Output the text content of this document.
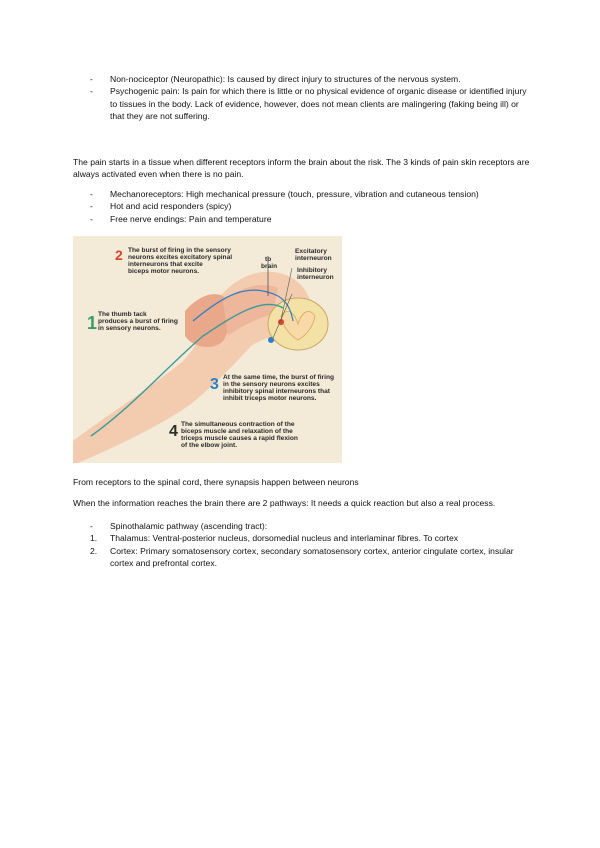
-	Non-nociceptor (Neuropathic): Is caused by direct injury to structures of the nervous system.
-	Psychogenic pain: Is pain for which there is little or no physical evidence of organic disease or identified injury to tissues in the body. Lack of evidence, however, does not mean clients are malingering (faking being ill) or that they are not suffering.

The pain starts in a tissue when different receptors inform the brain about the risk. The 3 kinds of pain skin receptors are always activated even when there is no pain.

-	Mechanoreceptors: High mechanical pressure (touch, pressure, vibration and cutaneous tension)
-	Hot and acid responders (spicy)
-	Free nerve endings: Pain and temperature
2 The burst of firing in the sensory neurons excites excitatory spinal interneurons that excite biceps motor neurons.
to brain
Excitatory interneuron
Inhibitory interneuron
1 The thumb tack produces a burst of firing in sensory neurons.
3 At the same time, the burst of firing in the sensory neurons excites inhibitory spinal interneurons that inhibit triceps motor neurons.
4 The simultaneous contraction of the biceps muscle and relaxation of the triceps muscle causes a rapid flexion of the elbow joint.

From receptors to the spinal cord, there synapsis happen between neurons

When the information reaches the brain there are 2 pathways: It needs a quick reaction but also a real process.

-	Spinothalamic pathway (ascending tract):
1.	Thalamus: Ventral-posterior nucleus, dorsomedial nucleus and interlaminar fibres. To cortex
2.	Cortex: Primary somatosensory cortex, secondary somatosensory cortex, anterior cingulate cortex, insular cortex and prefrontal cortex.
